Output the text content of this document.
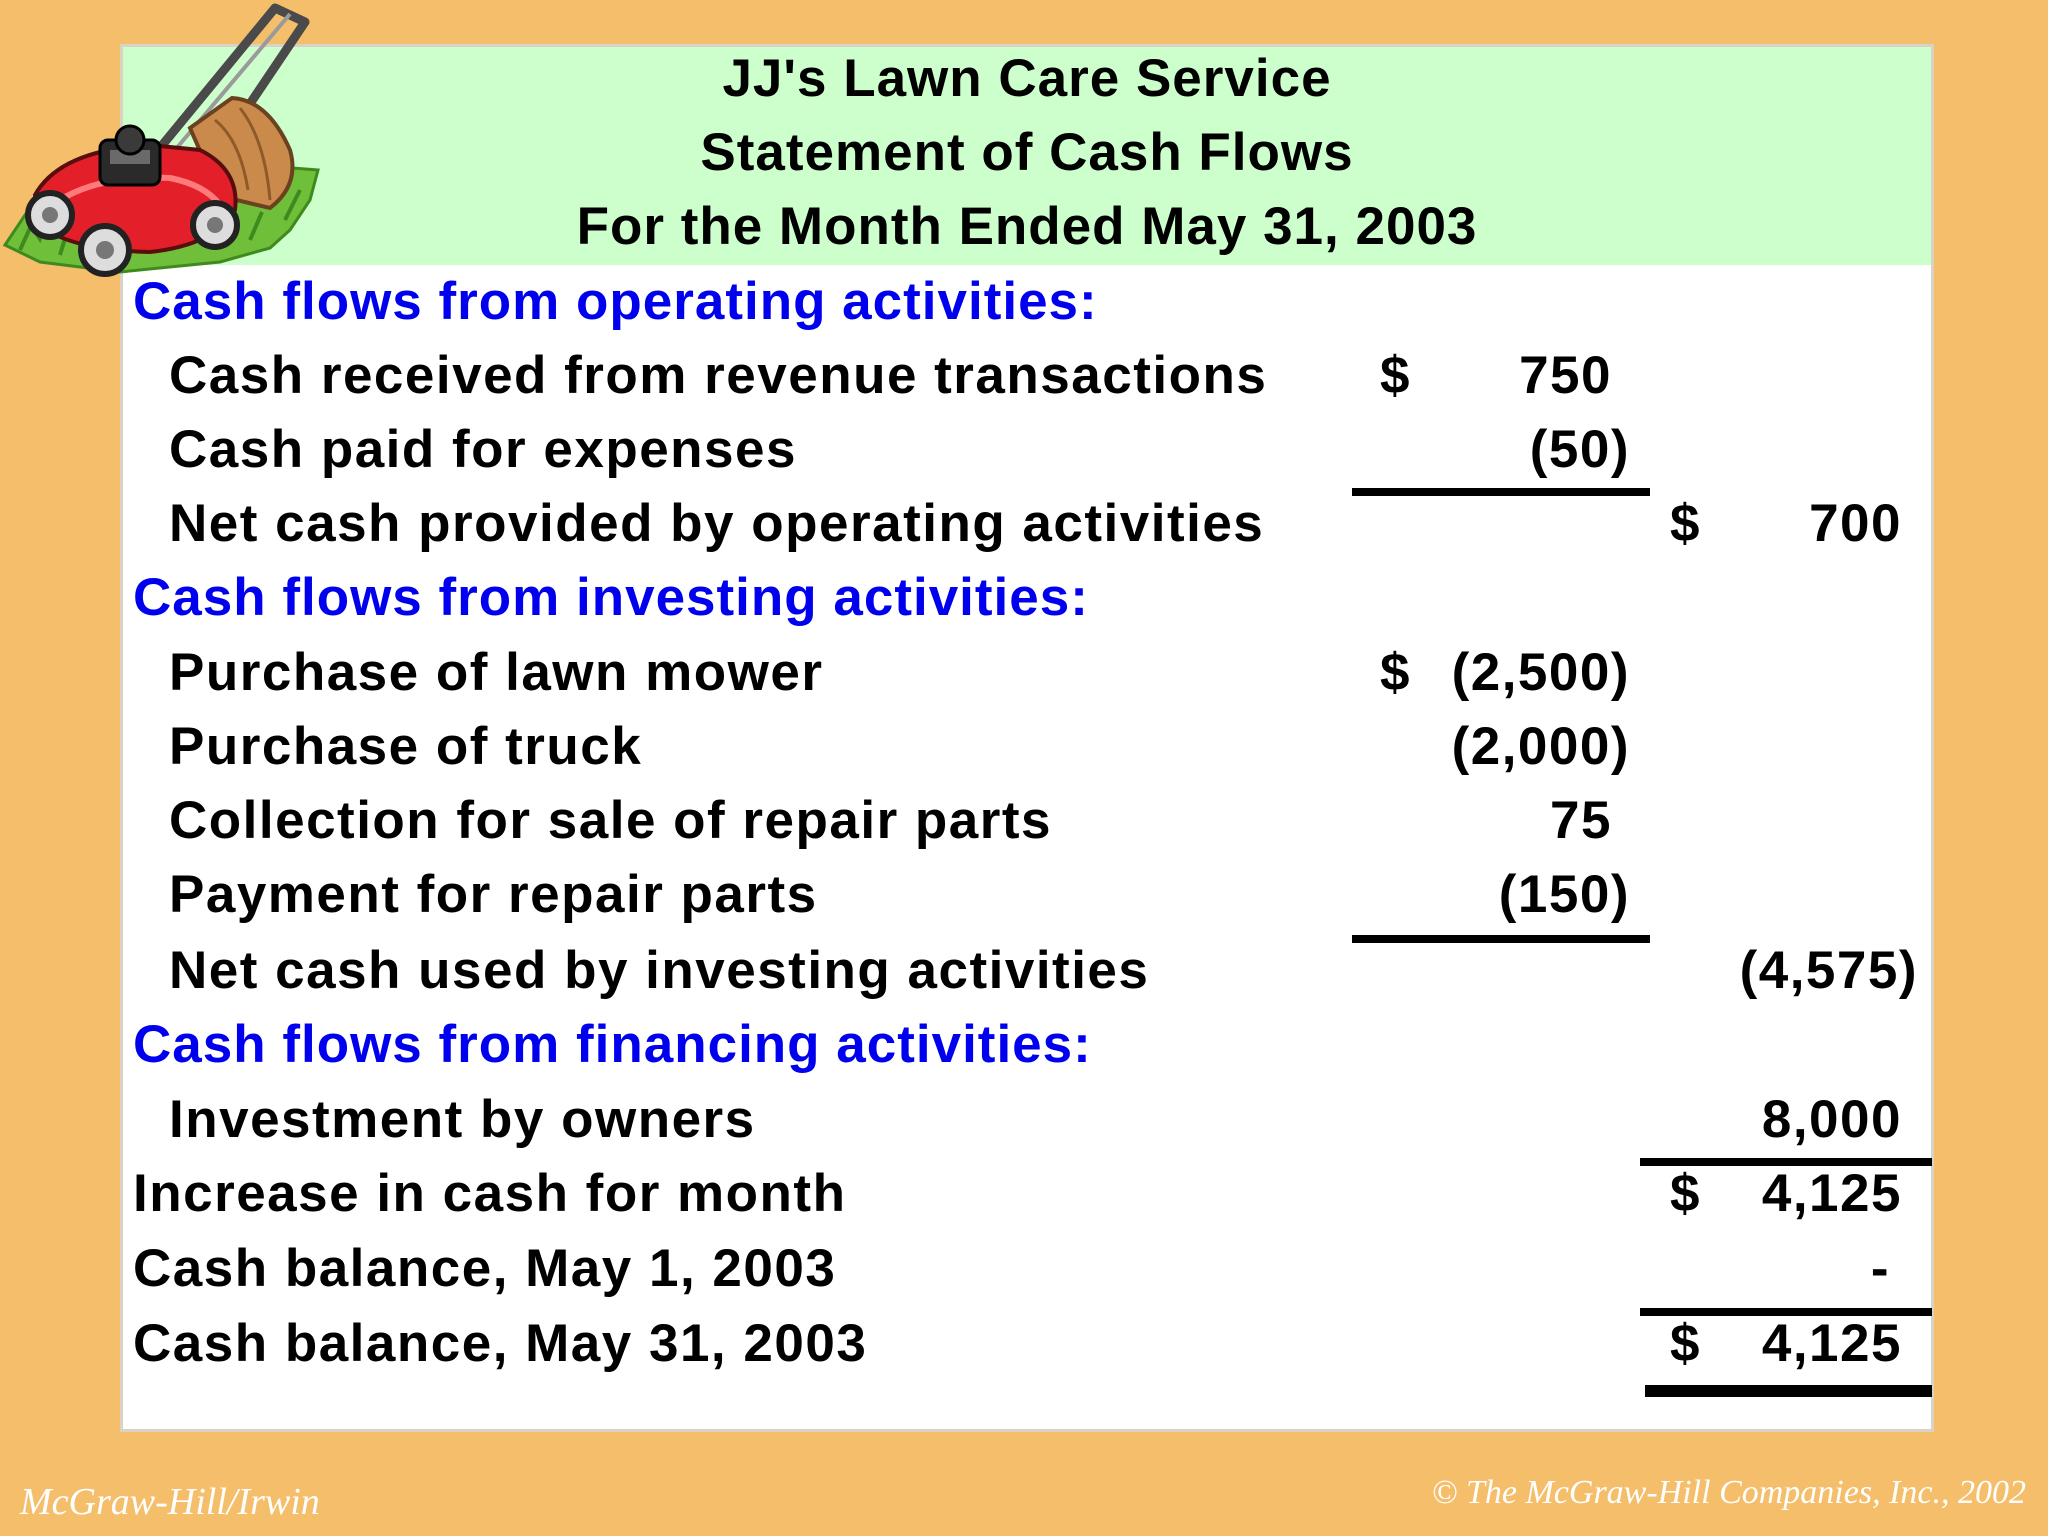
JJ's Lawn Care Service
Statement of Cash Flows
For the Month Ended May 31, 2003
Cash flows from operating activities:
Cash received from revenue transactions $	750
Cash paid for expenses	(50)
Net cash provided by operating activities	$	700
Cash flows from investing activities:
Purchase of lawn mower	$ (2,500)
Purchase of truck	(2,000)
Collection for sale of repair parts	75
Payment for repair parts	(150)
Net cash used by investing activities	(4,575)
Cash flows from financing activities:
Investment by owners	8,000
Increase in cash for month	$	4,125
Cash balance, May 1, 2003	-
Cash balance, May 31, 2003	$	4,125
McGraw-Hill/Irwin	© The McGraw-Hill Companies, Inc., 2002
